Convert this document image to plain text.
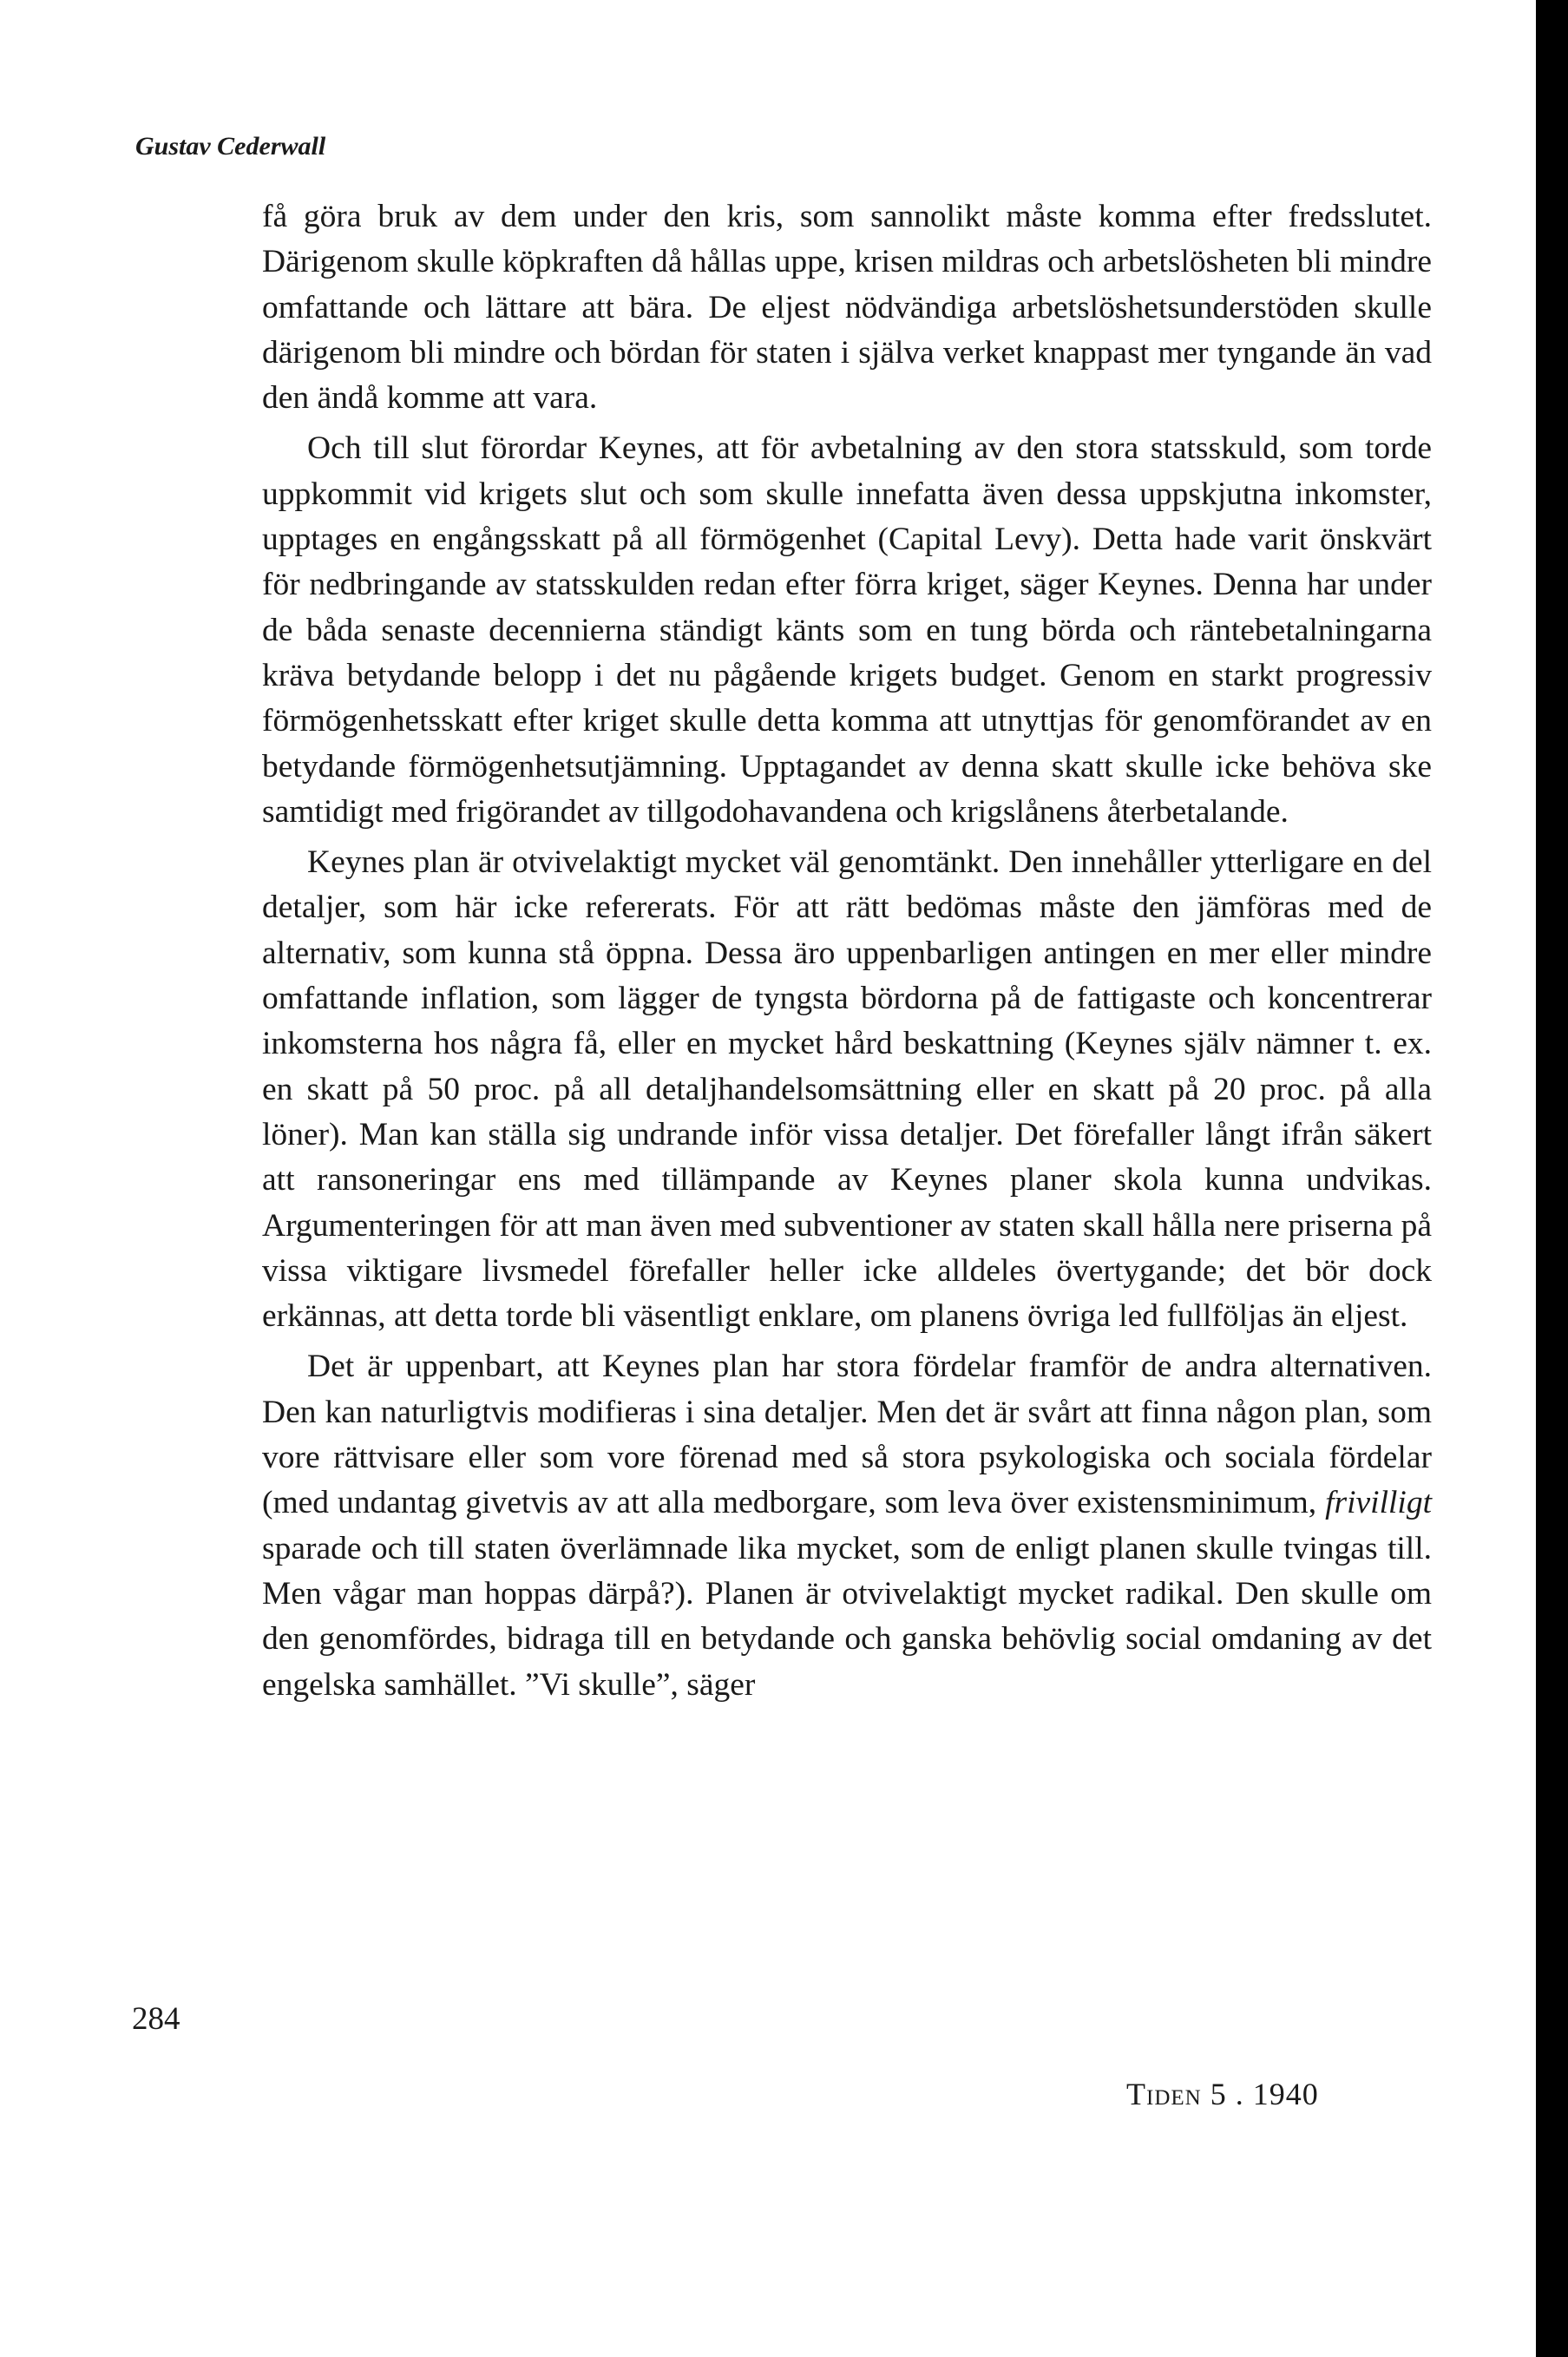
Gustav Cederwall

få göra bruk av dem under den kris, som sannolikt måste komma efter fredsslutet. Därigenom skulle köpkraften då hållas uppe, krisen mildras och arbetslösheten bli mindre omfattande och lättare att bära. De eljest nödvändiga arbetslöshetsunderstöden skulle därigenom bli mindre och bördan för staten i själva verket knappast mer tyngande än vad den ändå komme att vara.

Och till slut förordar Keynes, att för avbetalning av den stora statsskuld, som torde uppkommit vid krigets slut och som skulle innefatta även dessa uppskjutna inkomster, upptages en engångsskatt på all förmögenhet (Capital Levy). Detta hade varit önskvärt för nedbringande av statsskulden redan efter förra kriget, säger Keynes. Denna har under de båda senaste decennierna ständigt känts som en tung börda och räntebetalningarna kräva betydande belopp i det nu pågående krigets budget. Genom en starkt progressiv förmögenhetsskatt efter kriget skulle detta komma att utnyttjas för genomförandet av en betydande förmögenhetsutjämning. Upptagandet av denna skatt skulle icke behöva ske samtidigt med frigörandet av tillgodohavandena och krigslånens återbetalande.

Keynes plan är otvivelaktigt mycket väl genomtänkt. Den innehåller ytterligare en del detaljer, som här icke refererats. För att rätt bedömas måste den jämföras med de alternativ, som kunna stå öppna. Dessa äro uppenbarligen antingen en mer eller mindre omfattande inflation, som lägger de tyngsta bördorna på de fattigaste och koncentrerar inkomsterna hos några få, eller en mycket hård beskattning (Keynes själv nämner t. ex. en skatt på 50 proc. på all detaljhandelsomsättning eller en skatt på 20 proc. på alla löner). Man kan ställa sig undrande inför vissa detaljer. Det förefaller långt ifrån säkert att ransoneringar ens med tillämpande av Keynes planer skola kunna undvikas. Argumenteringen för att man även med subventioner av staten skall hålla nere priserna på vissa viktigare livsmedel förefaller heller icke alldeles övertygande; det bör dock erkännas, att detta torde bli väsentligt enklare, om planens övriga led fullföljas än eljest.

Det är uppenbart, att Keynes plan har stora fördelar framför de andra alternativen. Den kan naturligtvis modifieras i sina detaljer. Men det är svårt att finna någon plan, som vore rättvisare eller som vore förenad med så stora psykologiska och sociala fördelar (med undantag givetvis av att alla medborgare, som leva över existensminimum, frivilligt sparade och till staten överlämnade lika mycket, som de enligt planen skulle tvingas till. Men vågar man hoppas därpå?). Planen är otvivelaktigt mycket radikal. Den skulle om den genomfördes, bidraga till en betydande och ganska behövlig social omdaning av det engelska samhället. ”Vi skulle”, säger

284
Tiden 5 . 1940
